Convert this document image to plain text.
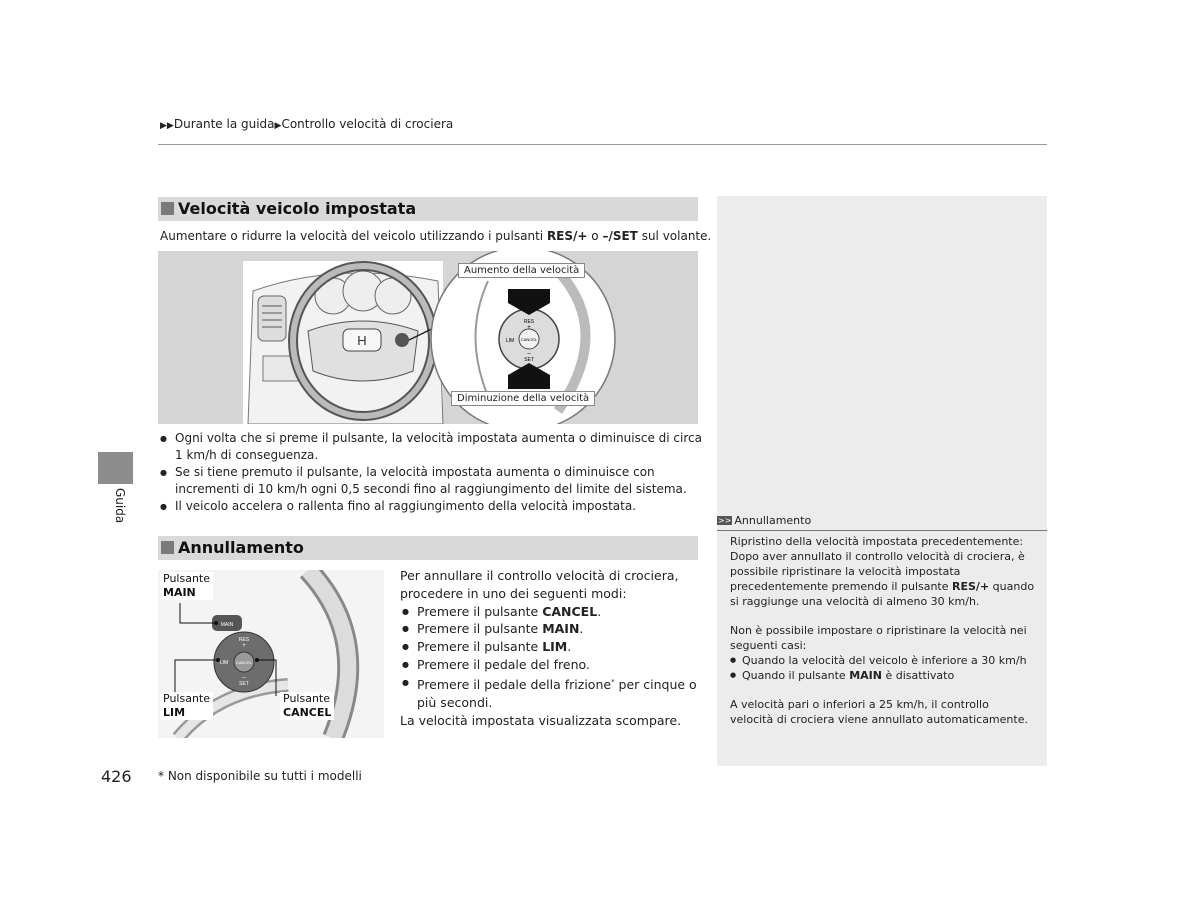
▶▶Durante la guida▶Controllo velocità di crociera
Guida
Velocità veicolo impostata
Aumentare o ridurre la velocità del veicolo utilizzando i pulsanti RES/+ o –/SET sul volante.
H
RES
+
LIM CANCEL
–
SET
Aumento della velocità
Diminuzione della velocità
● Ogni volta che si preme il pulsante, la velocità impostata aumenta o diminuisce di circa 1 km/h di conseguenza.
● Se si tiene premuto il pulsante, la velocità impostata aumenta o diminuisce con incrementi di 10 km/h ogni 0,5 secondi fino al raggiungimento del limite del sistema.
● Il veicolo accelera o rallenta fino al raggiungimento della velocità impostata.
Annullamento
MAIN
RES
+
LIM CANCEL
–
SET
Pulsante
MAIN
Pulsante
LIM
Pulsante
CANCEL
Per annullare il controllo velocità di crociera, procedere in uno dei seguenti modi:
● Premere il pulsante CANCEL.
● Premere il pulsante MAIN.
● Premere il pulsante LIM.
● Premere il pedale del freno.
● Premere il pedale della frizione* per cinque o più secondi.
La velocità impostata visualizzata scompare.
>> Annullamento
Ripristino della velocità impostata precedentemente:
Dopo aver annullato il controllo velocità di crociera, è possibile ripristinare la velocità impostata precedentemente premendo il pulsante RES/+ quando si raggiunge una velocità di almeno 30 km/h.
Non è possibile impostare o ripristinare la velocità nei seguenti casi:
● Quando la velocità del veicolo è inferiore a 30 km/h
● Quando il pulsante MAIN è disattivato
A velocità pari o inferiori a 25 km/h, il controllo velocità di crociera viene annullato automaticamente.
426 * Non disponibile su tutti i modelli
